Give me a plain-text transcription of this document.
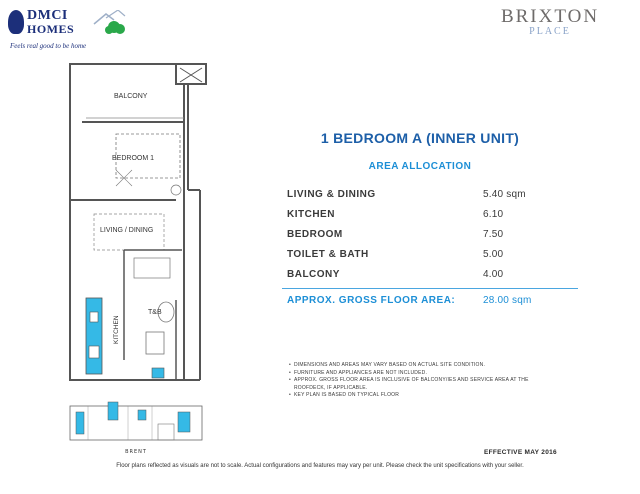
DMCI
HOMES
Feels real good to be home
BRIXTON
PLACE
BALCONY
BEDROOM 1
LIVING / DINING
T&B
KITCHEN
BRENT
1 BEDROOM A (INNER UNIT)
AREA ALLOCATION
LIVING & DINING	5.40 sqm
KITCHEN	6.10
BEDROOM	7.50
TOILET & BATH	5.00
BALCONY	4.00
APPROX. GROSS FLOOR AREA:	28.00 sqm
• DIMENSIONS AND AREAS MAY VARY BASED ON ACTUAL SITE CONDITION.
• FURNITURE AND APPLIANCES ARE NOT INCLUDED.
• APPROX. GROSS FLOOR AREA IS INCLUSIVE OF BALCONY/IES AND SERVICE AREA AT THE ROOFDECK, IF APPLICABLE.
• KEY PLAN IS BASED ON TYPICAL FLOOR
EFFECTIVE MAY 2016
Floor plans reflected as visuals are not to scale. Actual configurations and features may vary per unit. Please check the unit specifications with your seller.
